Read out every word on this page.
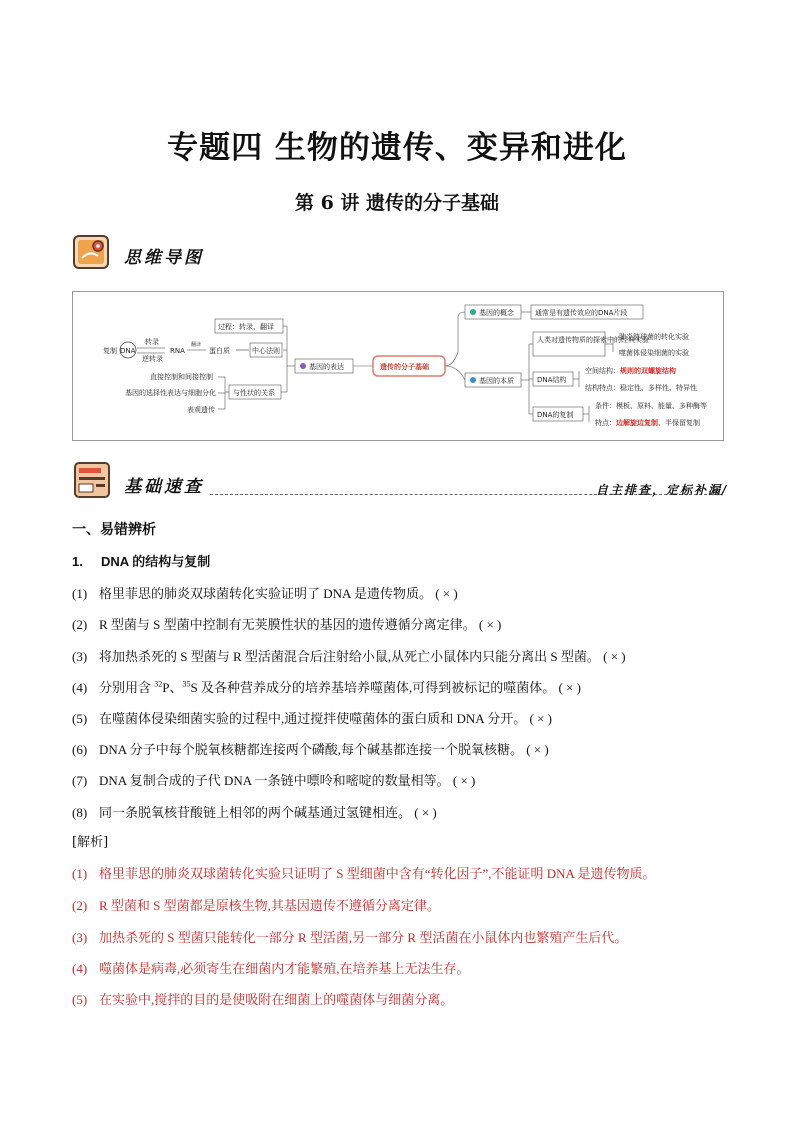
专题四 生物的遗传、变异和进化
第 6 讲 遗传的分子基础
思维导图
复制 DNA
转录
逆转录
RNA
翻译
蛋白质	中心法则
过程：转录、翻译
直接控制和间接控制
基因的选择性表达与细胞分化
表观遗传
与性状的关系
基因的表达	遗传的分子基础
基因的概念	通常是有遗传效应的DNA片段
基因的本质
人类对遗传物质的探索中的经典实验
肺炎链球菌的转化实验
噬菌体侵染细菌的实验
DNA结构
空间结构：规则的双螺旋结构
结构特点：稳定性、多样性、特异性
DNA的复制
条件：模板、原料、能量、多种酶等
特点：边解旋边复制、半保留复制
基础速查	自主排查，定标补漏/
一、易错辨析
1. DNA 的结构与复制
(1) 格里菲思的肺炎双球菌转化实验证明了 DNA 是遗传物质。 ( × )
(2) R 型菌与 S 型菌中控制有无荚膜性状的基因的遗传遵循分离定律。 ( × )
(3) 将加热杀死的 S 型菌与 R 型活菌混合后注射给小鼠,从死亡小鼠体内只能分离出 S 型菌。 ( × )
(4) 分别用含 $^{32}$P、$^{35}$S 及各种营养成分的培养基培养噬菌体,可得到被标记的噬菌体。 ( × )
(5) 在噬菌体侵染细菌实验的过程中,通过搅拌使噬菌体的蛋白质和 DNA 分开。 ( × )
(6) DNA 分子中每个脱氧核糖都连接两个磷酸,每个碱基都连接一个脱氧核糖。 ( × )
(7) DNA 复制合成的子代 DNA 一条链中嘌呤和嘧啶的数量相等。 ( × )
(8) 同一条脱氧核苷酸链上相邻的两个碱基通过氢键相连。 ( × )
[解析]
(1) 格里菲思的肺炎双球菌转化实验只证明了 S 型细菌中含有“转化因子”,不能证明 DNA 是遗传物质。
(2) R 型菌和 S 型菌都是原核生物,其基因遗传不遵循分离定律。
(3) 加热杀死的 S 型菌只能转化一部分 R 型活菌,另一部分 R 型活菌在小鼠体内也繁殖产生后代。
(4) 噬菌体是病毒,必须寄生在细菌内才能繁殖,在培养基上无法生存。
(5) 在实验中,搅拌的目的是使吸附在细菌上的噬菌体与细菌分离。
